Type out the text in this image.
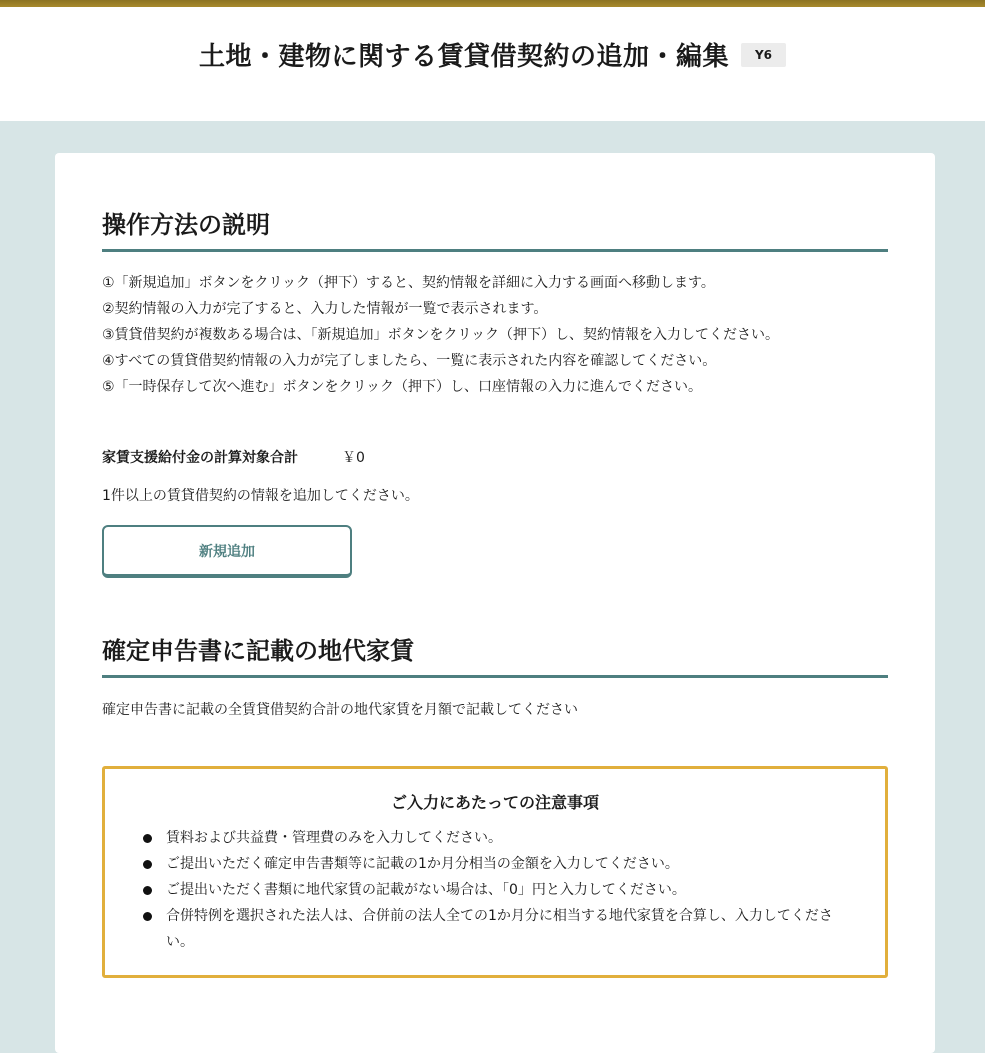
土地・建物に関する賃貸借契約の追加・編集	Y6
操作方法の説明
①「新規追加」ボタンをクリック（押下）すると、契約情報を詳細に入力する画面へ移動します。
②契約情報の入力が完了すると、入力した情報が一覧で表示されます。
③賃貸借契約が複数ある場合は、「新規追加」ボタンをクリック（押下）し、契約情報を入力してください。
④すべての賃貸借契約情報の入力が完了しましたら、一覧に表示された内容を確認してください。
⑤「一時保存して次へ進む」ボタンをクリック（押下）し、口座情報の入力に進んでください。
家賃支援給付金の計算対象合計	￥0
1件以上の賃貸借契約の情報を追加してください。
新規追加
確定申告書に記載の地代家賃
確定申告書に記載の全賃貸借契約合計の地代家賃を月額で記載してください
ご入力にあたっての注意事項
賃料および共益費・管理費のみを入力してください。
ご提出いただく確定申告書類等に記載の1か月分相当の金額を入力してください。
ご提出いただく書類に地代家賃の記載がない場合は、「0」円と入力してください。
合併特例を選択された法人は、合併前の法人全ての1か月分に相当する地代家賃を合算し、入力してください。
